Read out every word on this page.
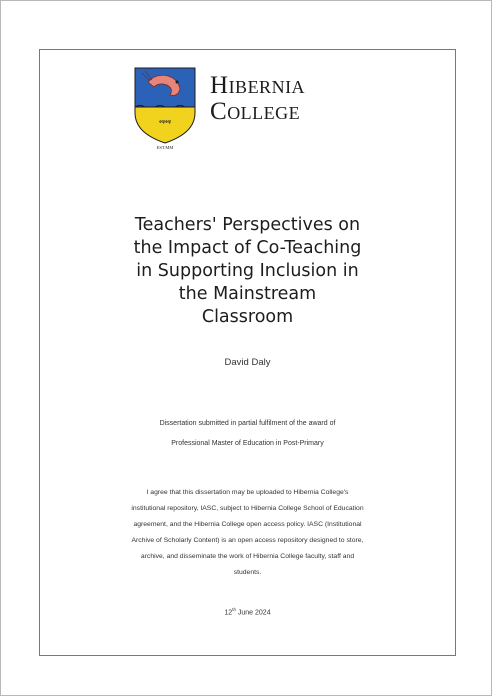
✠ψ✠ψ
EST.MM
HIBERNIA
COLLEGE
Teachers' Perspectives on
the Impact of Co-Teaching
in Supporting Inclusion in
the Mainstream
Classroom
David Daly
Dissertation submitted in partial fulfilment of the award of
Professional Master of Education in Post-Primary
I agree that this dissertation may be uploaded to Hibernia College's
institutional repository, IASC, subject to Hibernia College School of Education
agreement, and the Hibernia College open access policy. IASC (Institutional
Archive of Scholarly Content) is an open access repository designed to store,
archive, and disseminate the work of Hibernia College faculty, staff and
students.
12th June 2024
